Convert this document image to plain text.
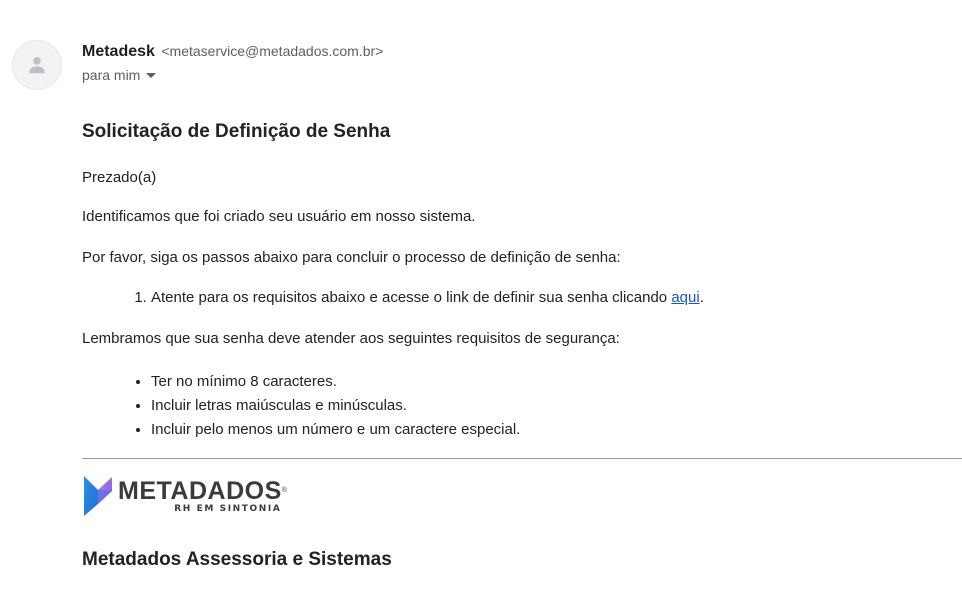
Metadesk <metaservice@metadados.com.br>
para mim
Solicitação de Definição de Senha

Prezado(a)

Identificamos que foi criado seu usuário em nosso sistema.

Por favor, siga os passos abaixo para concluir o processo de definição de senha:

1. Atente para os requisitos abaixo e acesse o link de definir sua senha clicando aqui.

Lembramos que sua senha deve atender aos seguintes requisitos de segurança:

• Ter no mínimo 8 caracteres.
• Incluir letras maiúsculas e minúsculas.
• Incluir pelo menos um número e um caractere especial.
METADADOS®
RH EM SINTONIA
Metadados Assessoria e Sistemas
